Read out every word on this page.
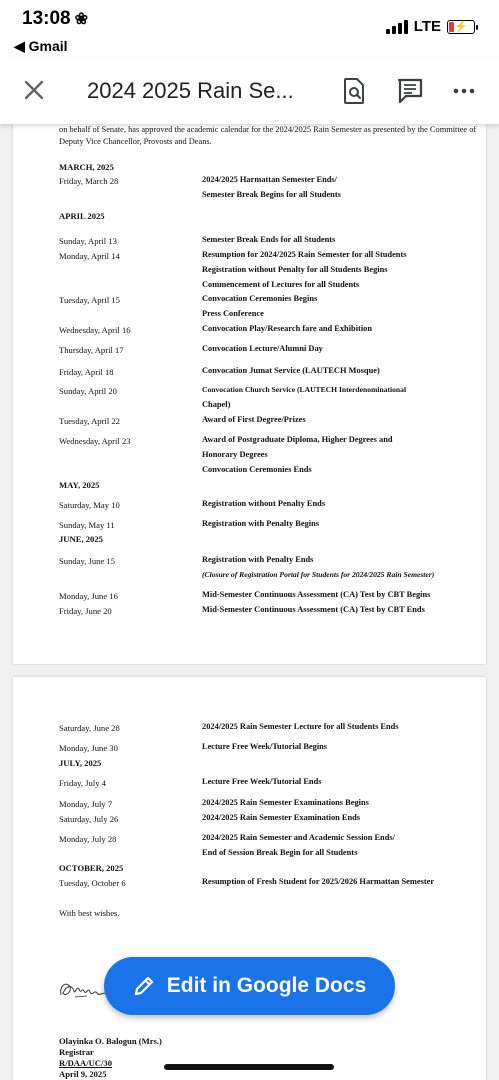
13:08 ❀
◀ Gmail
LTE ⚡
2024 2025 Rain Se...
on behalf of Senate, has approved the academic calendar for the 2024/2025 Rain Semester as presented by the Committee of Deputy Vice Chancellor, Provosts and Deans.
MARCH, 2025
Friday, March 28	2024/2025 Harmattan Semester Ends/
Semester Break Begins for all Students
APRIL 2025
Sunday, April 13	Semester Break Ends for all Students
Monday, April 14	Resumption for 2024/2025 Rain Semester for all Students
Registration without Penalty for all Students Begins
Commencement of Lectures for all Students
Tuesday, April 15	Convocation Ceremonies Begins
Press Conference
Wednesday, April 16	Convocation Play/Research fare and Exhibition
Thursday, April 17	Convocation Lecture/Alumni Day
Friday, April 18	Convocation Jumat Service (LAUTECH Mosque)
Sunday, April 20	Convocation Church Service (LAUTECH Interdenominational
Chapel)
Tuesday, April 22	Award of First Degree/Prizes
Wednesday, April 23	Award of Postgraduate Diploma, Higher Degrees and
Honorary Degrees
Convocation Ceremonies Ends
MAY, 2025
Saturday, May 10	Registration without Penalty Ends
Sunday, May 11	Registration with Penalty Begins
JUNE, 2025
Sunday, June 15	Registration with Penalty Ends
(Closure of Registration Portal for Students for 2024/2025 Rain Semester)
Monday, June 16	Mid-Semester Continuous Assessment (CA) Test by CBT Begins
Friday, June 20	Mid-Semester Continuous Assessment (CA) Test by CBT Ends
Saturday, June 28	2024/2025 Rain Semester Lecture for all Students Ends
Monday, June 30	Lecture Free Week/Tutorial Begins
JULY, 2025
Friday, July 4	Lecture Free Week/Tutorial Ends
Monday, July 7	2024/2025 Rain Semester Examinations Begins
Saturday, July 26	2024/2025 Rain Semester Examination Ends
Monday, July 28	2024/2025 Rain Semester and Academic Session Ends/
End of Session Break Begin for all Students
OCTOBER, 2025
Tuesday, October 6	Resumption of Fresh Student for 2025/2026 Harmattan Semester
With best wishes.
Olayinka O. Balogun (Mrs.)
Registrar
R/DAA/UC/30
April 9, 2025
Edit in Google Docs
